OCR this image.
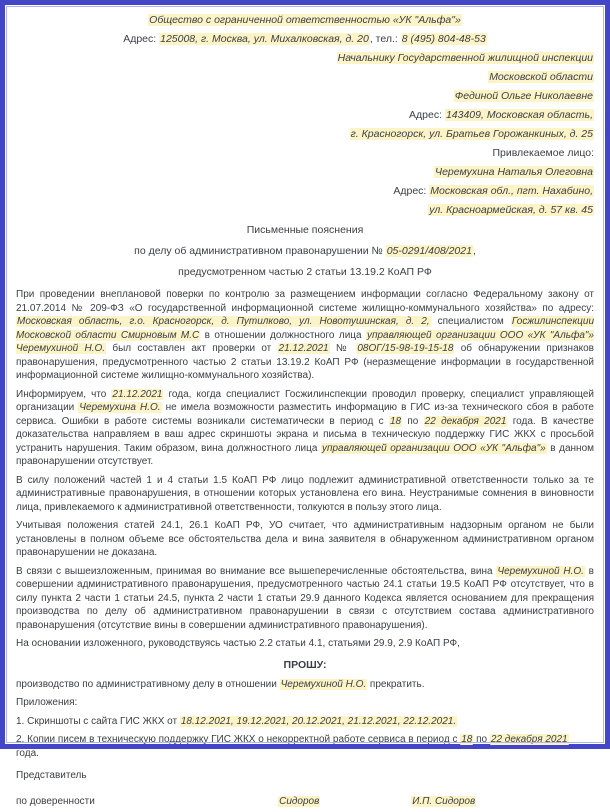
Общество с ограниченной ответственностью «УК "Альфа"»
Адрес: 125008, г. Москва, ул. Михалковская, д. 20, тел.: 8 (495) 804-48-53
Начальнику Государственной жилищной инспекции
Московской области
Фединой Ольге Николаевне
Адрес: 143409, Московская область,
г. Красногорск, ул. Братьев Горожанкиных, д. 25
Привлекаемое лицо:
Черемухина Наталья Олеговна
Адрес: Московская обл., пгт. Нахабино,
ул. Красноармейская, д. 57 кв. 45
Письменные пояснения
по делу об административном правонарушении № 05-0291/408/2021,
предусмотренном частью 2 статьи 13.19.2 КоАП РФ

При проведении внеплановой поверки по контролю за размещением информации согласно Федеральному закону от 21.07.2014 № 209-ФЗ «О государственной информационной системе жилищно-коммунального хозяйства» по адресу: Московская область, г.о. Красногорск, д. Путилково, ул. Новотушинская, д. 2, специалистом Госжилинспекции Московской области Смирновым М.С в отношении должностного лица управляющей организации ООО «УК "Альфа"» Черемухиной Н.О. был составлен акт проверки от 21.12.2021 № 08ОГ/15-98-19-15-18 об обнаружении признаков правонарушения, предусмотренного частью 2 статьи 13.19.2 КоАП РФ (неразмещение информации в государственной информационной системе жилищно-коммунального хозяйства).

Информируем, что 21.12.2021 года, когда специалист Госжилинспекции проводил проверку, специалист управляющей организации Черемухина Н.О. не имела возможности разместить информацию в ГИС из-за технического сбоя в работе сервиса. Ошибки в работе системы возникали систематически в период с 18 по 22 декабря 2021 года. В качестве доказательства направляем в ваш адрес скриншоты экрана и письма в техническую поддержку ГИС ЖКХ с просьбой устранить нарушения. Таким образом, вина должностного лица управляющей организации ООО «УК "Альфа"» в данном правонарушении отсутствует.

В силу положений частей 1 и 4 статьи 1.5 КоАП РФ лицо подлежит административной ответственности только за те административные правонарушения, в отношении которых установлена его вина. Неустранимые сомнения в виновности лица, привлекаемого к административной ответственности, толкуются в пользу этого лица.

Учитывая положения статей 24.1, 26.1 КоАП РФ, УО считает, что административным надзорным органом не были установлены в полном объеме все обстоятельства дела и вина заявителя в обнаруженном административном органом правонарушении не доказана.

В связи с вышеизложенным, принимая во внимание все вышеперечисленные обстоятельства, вина Черемухиной Н.О. в совершении административного правонарушения, предусмотренного частью 24.1 статьи 19.5 КоАП РФ отсутствует, что в силу пункта 2 части 1 статьи 24.5, пункта 2 части 1 статьи 29.9 данного Кодекса является основанием для прекращения производства по делу об административном правонарушении в связи с отсутствием состава административного правонарушения (отсутствие вины в совершении административного правонарушения).

На основании изложенного, руководствуясь частью 2.2 статьи 4.1, статьями 29.9, 2.9 КоАП РФ,

ПРОШУ:

производство по административному делу в отношении Черемухиной Н.О. прекратить.

Приложения:

1. Скриншоты с сайта ГИС ЖКХ от 18.12.2021, 19.12.2021, 20.12.2021, 21.12.2021, 22.12.2021.

2. Копии писем в техническую поддержку ГИС ЖКХ о некорректной работе сервиса в период с 18 по 22 декабря 2021 года.

Представитель
по доверенности	Сидоров	И.П. Сидоров
